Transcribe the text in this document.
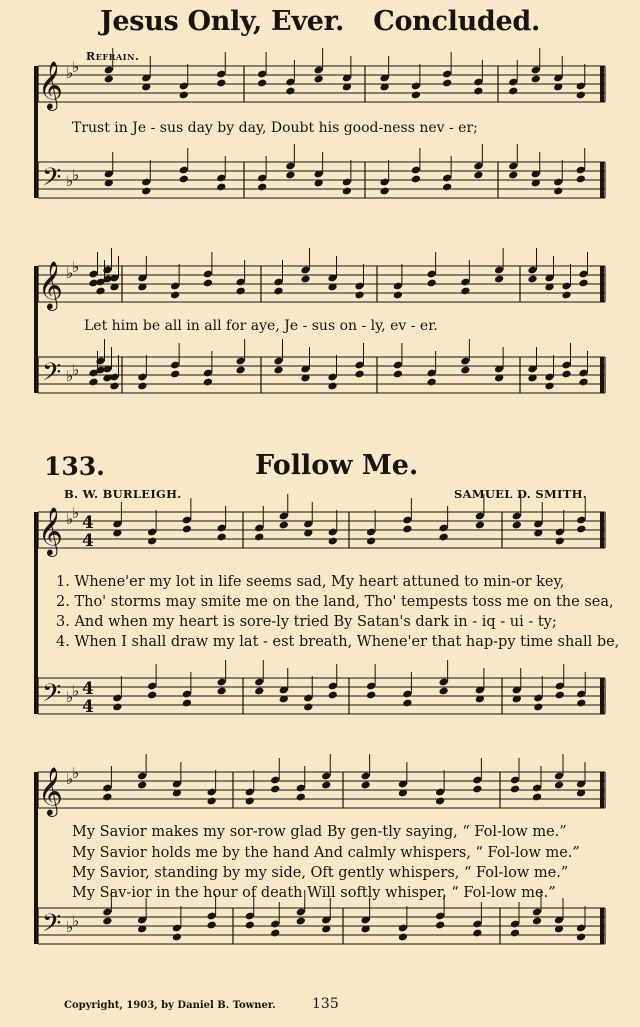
Jesus Only, Ever. Concluded.
Refrain.
𝄞
𝄢
♭
♭
♭
♭
𝄞
𝄢
♭
♭
♭
♭
𝄞
𝄢
♭
♭
♭
♭
4
4
4
4
𝄞
𝄢
♭
♭
♭
♭
Trust in Je - sus day by day, Doubt his good-ness nev - er;
Let him be all in all for aye, Je - sus on - ly, ev - er.
133.	Follow Me.
B. W. BURLEIGH.	SAMUEL D. SMITH.
1. Whene'er my lot in life seems sad, My heart attuned to min-or key,
2. Tho' storms may smite me on the land, Tho' tempests toss me on the sea,
3. And when my heart is sore-ly tried By Satan's dark in - iq - ui - ty;
4. When I shall draw my lat - est breath, Whene'er that hap-py time shall be,
My Savior makes my sor-row glad By gen-tly saying, “ Fol-low me.”
My Savior holds me by the hand And calmly whispers, “ Fol-low me.”
My Savior, standing by my side, Oft gently whispers, “ Fol-low me.”
My Sav-ior in the hour of death Will softly whisper, “ Fol-low me.”
Copyright, 1903, by Daniel B. Towner.	135
